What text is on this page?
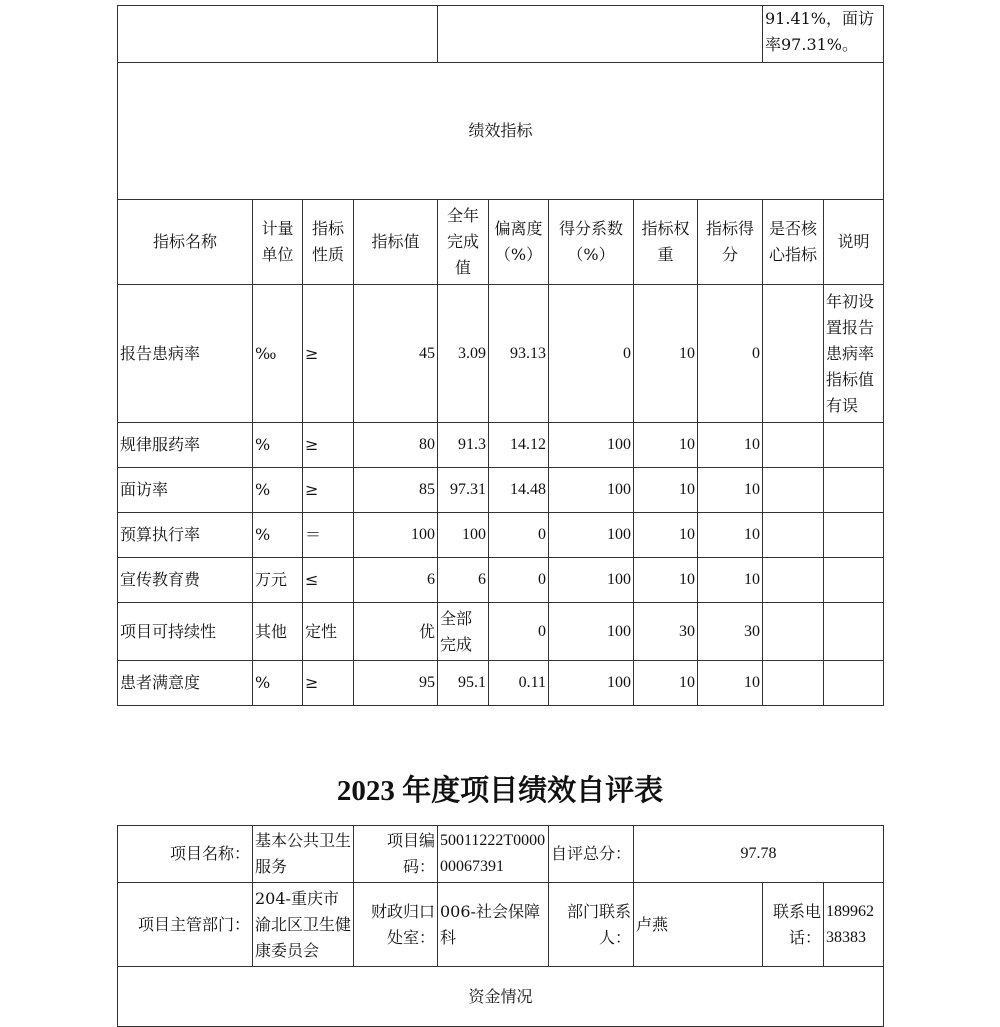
									91.41%，面访率97.31%。	
绩效指标										
指标名称	计量单位	指标性质	指标值	全年完成值	偏离度（%）	得分系数（%）	指标权重	指标得分	是否核心指标	说明
报告患病率	‰	≥	45	3.09	93.13	0	10	0		年初设置报告患病率指标值有误
规律服药率	%	≥	80	91.3	14.12	100	10	10		
面访率	%	≥	85	97.31	14.48	100	10	10		
预算执行率	%	＝	100	100	0	100	10	10		
宣传教育费	万元	≤	6	6	0	100	10	10		
项目可持续性	其他	定性	优	全部完成	0	100	30	30		
患者满意度	%	≥	95	95.1	0.11	100	10	10		
2023 年度项目绩效自评表
项目名称：	基本公共卫生服务	项目编码：	50011222T000000067391	自评总分：	97.78		
项目主管部门：	204-重庆市渝北区卫生健康委员会	财政归口处室：	006-社会保障科	部门联系人：	卢燕	联系电话：	18996238383
资金情况							
